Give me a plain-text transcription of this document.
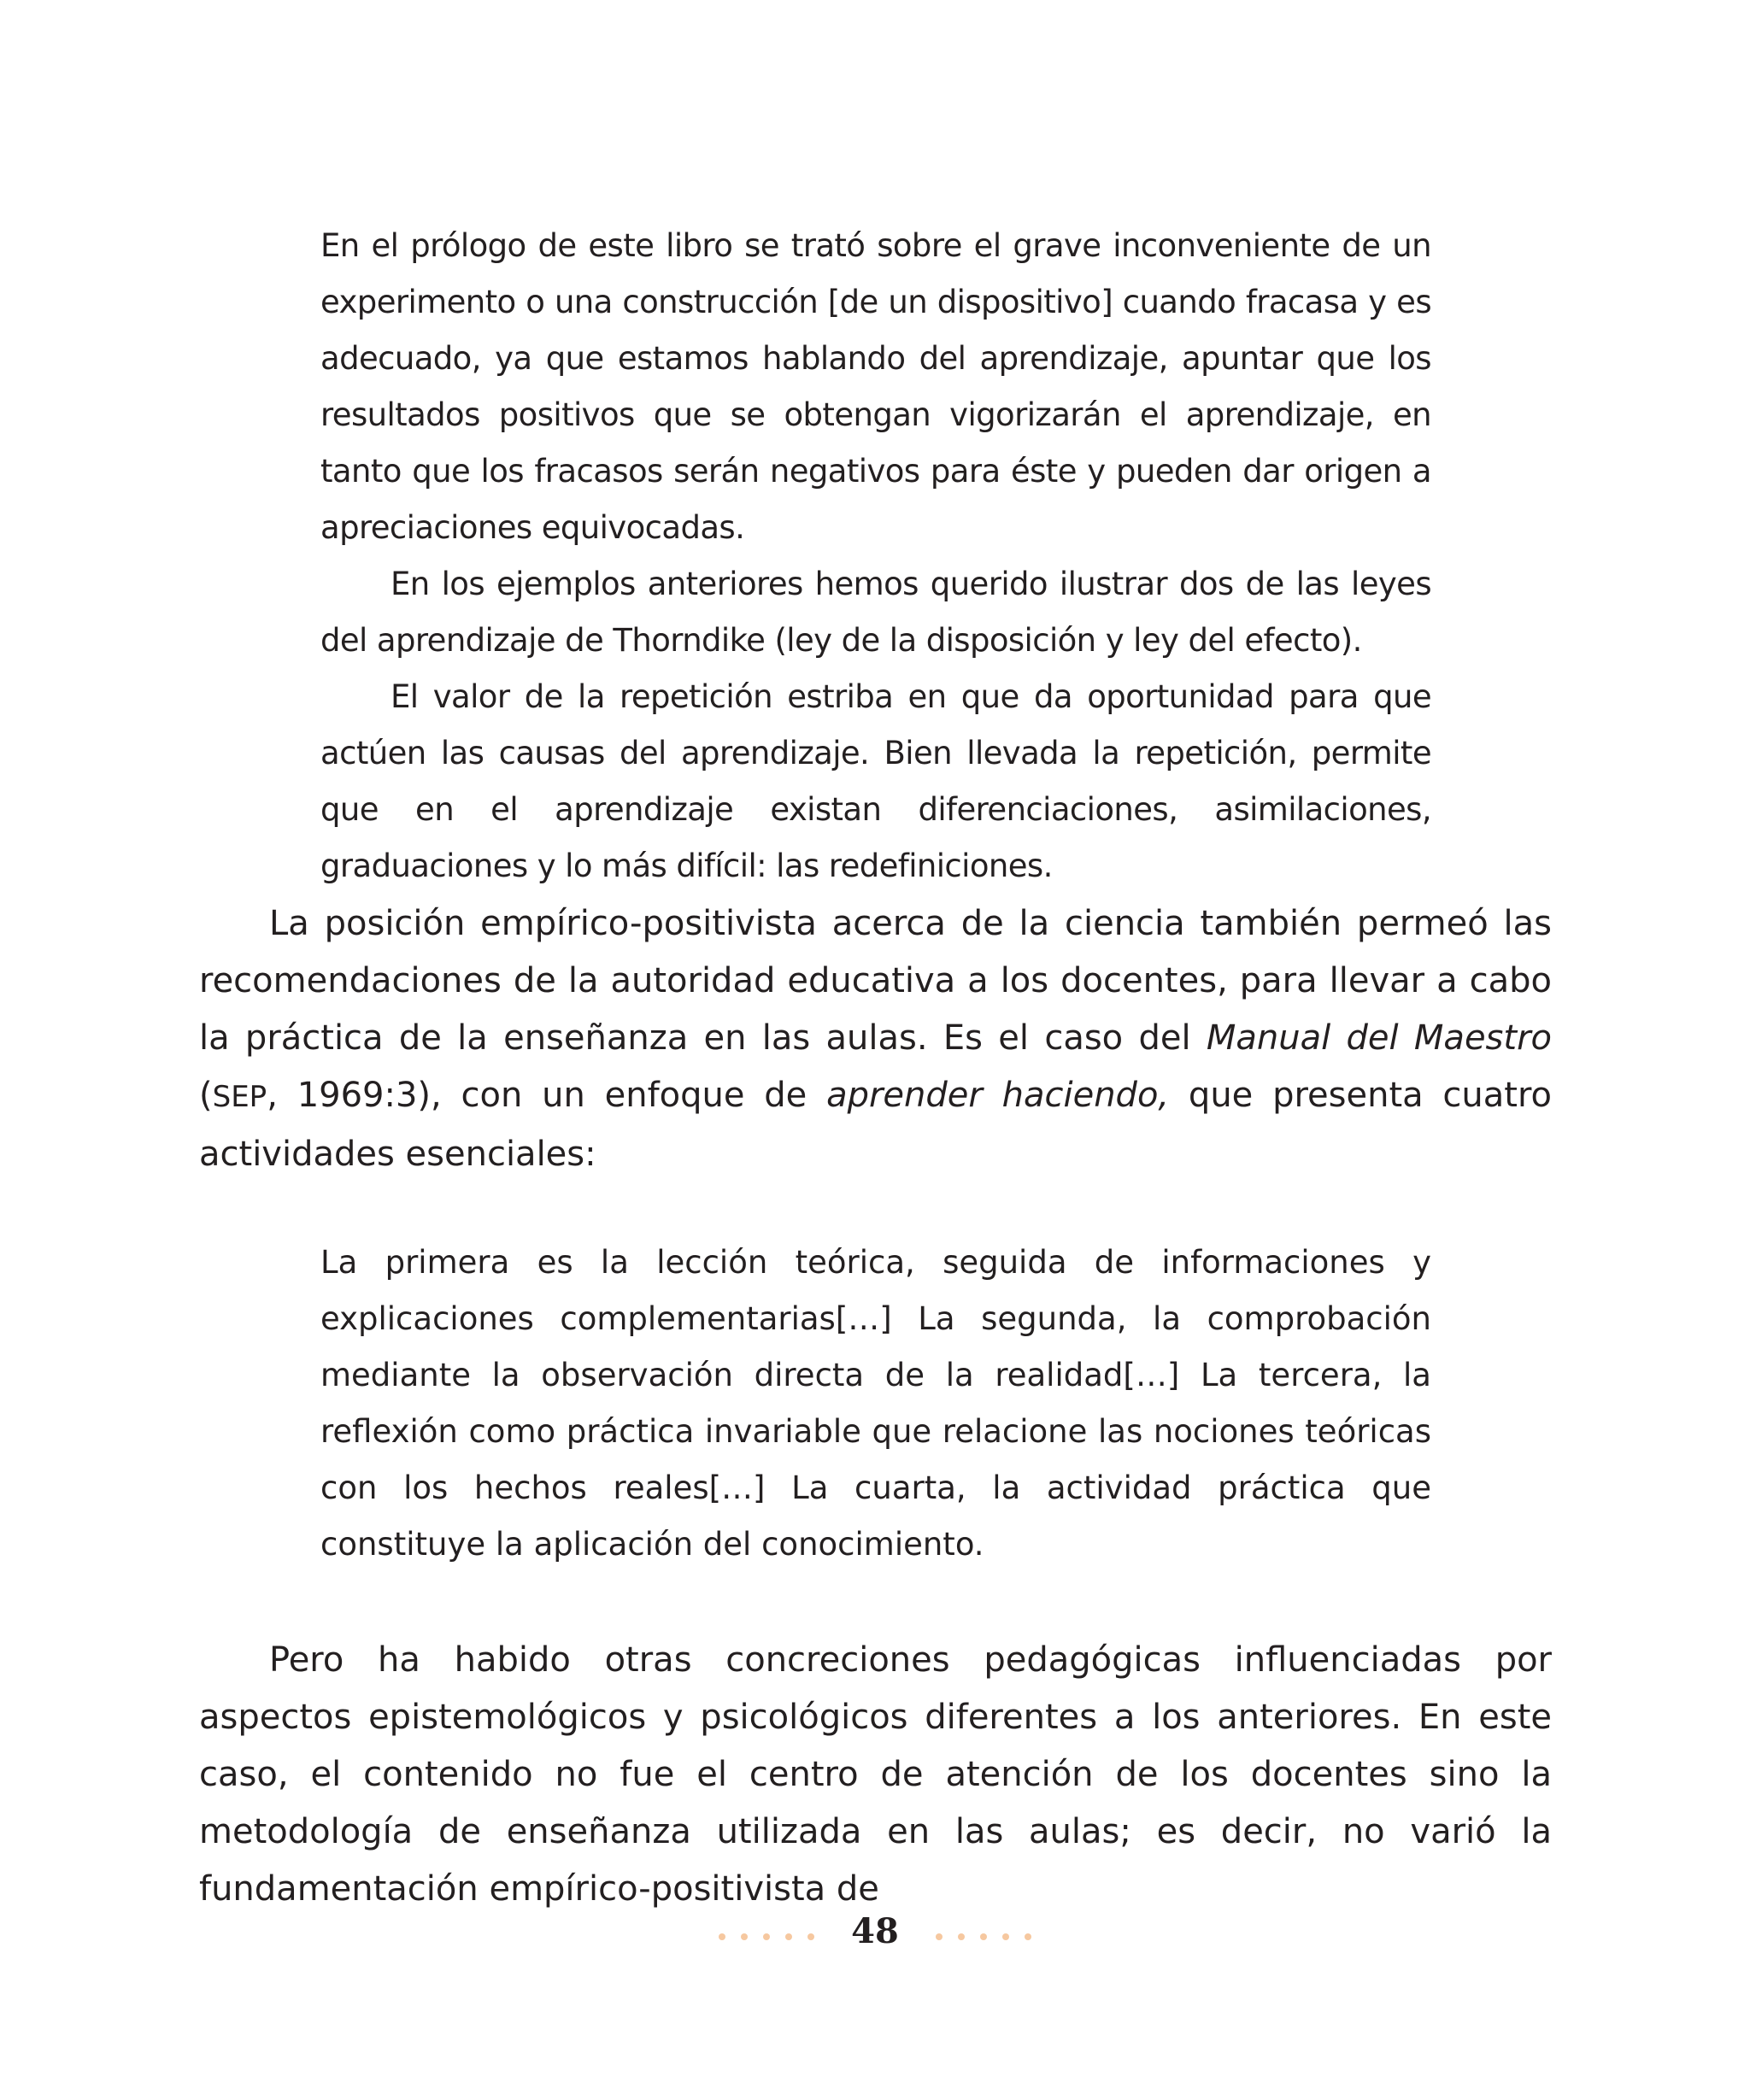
En el prólogo de este libro se trató sobre el grave inconveniente de un experimento o una construcción [de un dispositivo] cuando fracasa y es adecuado, ya que estamos hablando del aprendizaje, apuntar que los resultados positivos que se obtengan vigorizarán el aprendizaje, en tanto que los fracasos serán negativos para éste y pueden dar origen a apreciaciones equivocadas.

En los ejemplos anteriores hemos querido ilustrar dos de las leyes del aprendizaje de Thorndike (ley de la disposición y ley del efecto).

El valor de la repetición estriba en que da oportunidad para que actúen las causas del aprendizaje. Bien llevada la repetición, permite que en el aprendizaje existan diferenciaciones, asimilaciones, graduaciones y lo más difícil: las redefiniciones.

La posición empírico-positivista acerca de la ciencia también permeó las recomendaciones de la autoridad educativa a los docentes, para llevar a cabo la práctica de la enseñanza en las aulas. Es el caso del Manual del Maestro (SEP, 1969:3), con un enfoque de aprender haciendo, que presenta cuatro actividades esenciales:

La primera es la lección teórica, seguida de informaciones y explicaciones complementarias[…] La segunda, la comprobación mediante la observación directa de la realidad[…] La tercera, la reflexión como práctica invariable que relacione las nociones teóricas con los hechos reales[…] La cuarta, la actividad práctica que constituye la aplicación del conocimiento.

Pero ha habido otras concreciones pedagógicas influenciadas por aspectos epistemológicos y psicológicos diferentes a los anteriores. En este caso, el contenido no fue el centro de atención de los docentes sino la metodología de enseñanza utilizada en las aulas; es decir, no varió la fundamentación empírico-positivista de

48
